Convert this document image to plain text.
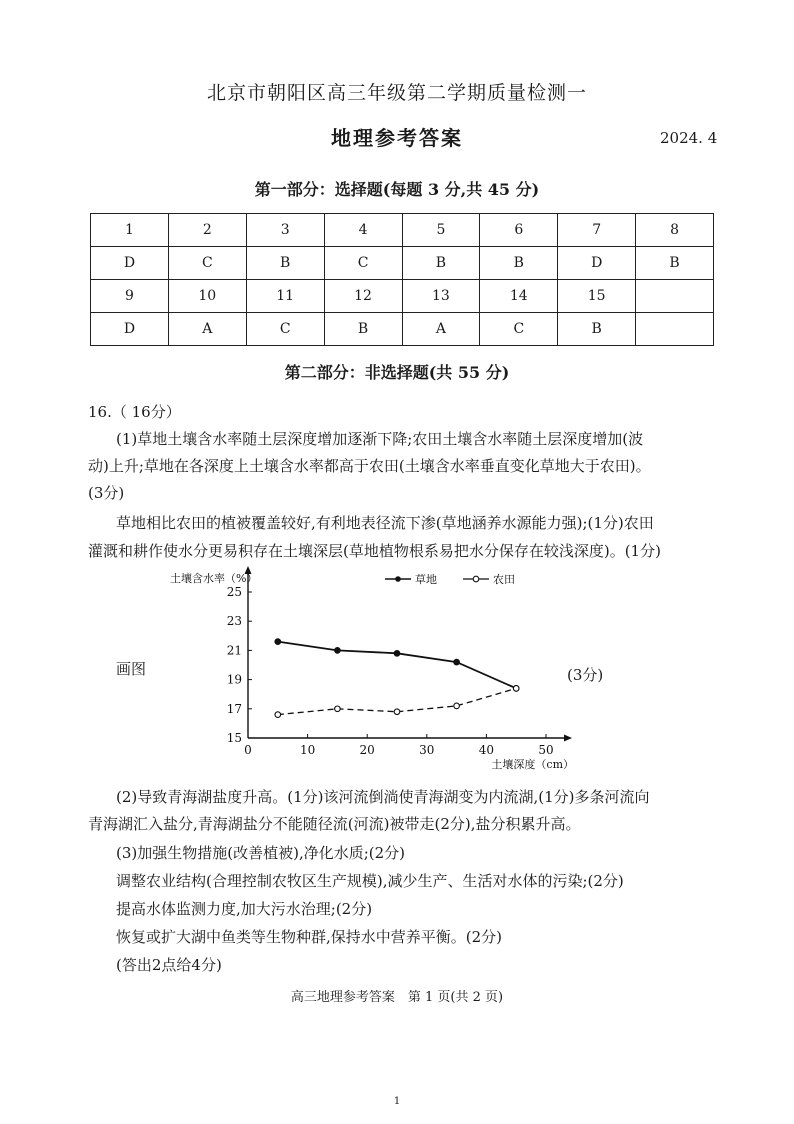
北京市朝阳区高三年级第二学期质量检测一
地理参考答案	2024. 4
第一部分：选择题(每题 3 分,共 45 分)
1	2	3	4	5	6	7	8
D	C	B	C	B	B	D	B
9	10	11	12	13	14	15	
D	A	C	B	A	C	B	
第二部分：非选择题(共 55 分)
16.（ 16分）
(1)草地土壤含水率随土层深度增加逐渐下降;农田土壤含水率随土层深度增加(波
动)上升;草地在各深度上土壤含水率都高于农田(土壤含水率垂直变化草地大于农田)。
(3分)
草地相比农田的植被覆盖较好,有利地表径流下渗(草地涵养水源能力强);(1分)农田
灌溉和耕作使水分更易积存在土壤深层(草地植物根系易把水分保存在较浅深度)。(1分)
画图	(3分)
0	10	20	30	40	50
15
17
19
21
23
25
土壤含水率（%）
土壤深度（cm）
草地	农田
(2)导致青海湖盐度升高。(1分)该河流倒淌使青海湖变为内流湖,(1分)多条河流向
青海湖汇入盐分,青海湖盐分不能随径流(河流)被带走(2分),盐分积累升高。
(3)加强生物措施(改善植被),净化水质;(2分)
调整农业结构(合理控制农牧区生产规模),减少生产、生活对水体的污染;(2分)
提高水体监测力度,加大污水治理;(2分)
恢复或扩大湖中鱼类等生物种群,保持水中营养平衡。(2分)
(答出2点给4分)
高三地理参考答案　第 1 页(共 2 页)
1
